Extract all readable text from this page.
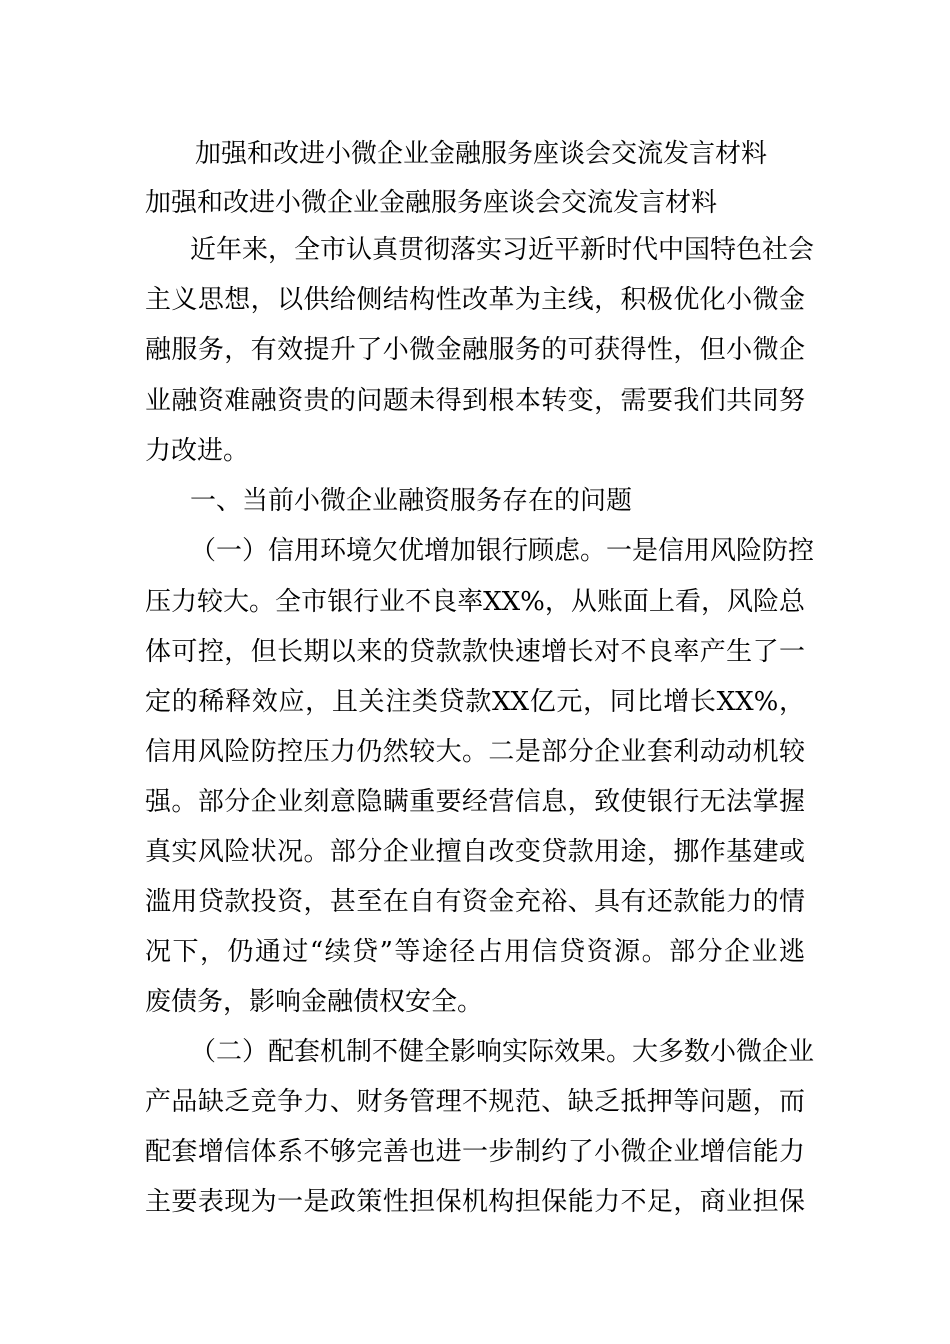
加强和改进小微企业金融服务座谈会交流发言材料
加强和改进小微企业金融服务座谈会交流发言材料
近年来，全市认真贯彻落实习近平新时代中国特色社会
主义思想，以供给侧结构性改革为主线，积极优化小微金
融服务，有效提升了小微金融服务的可获得性，但小微企
业融资难融资贵的问题未得到根本转变，需要我们共同努
力改进。
一、当前小微企业融资服务存在的问题
（一）信用环境欠优增加银行顾虑。一是信用风险防控
压力较大。全市银行业不良率XX%，从账面上看，风险总
体可控，但长期以来的贷款款快速增长对不良率产生了一
定的稀释效应，且关注类贷款XX亿元，同比增长XX%，
信用风险防控压力仍然较大。二是部分企业套利动动机较
强。部分企业刻意隐瞒重要经营信息，致使银行无法掌握
真实风险状况。部分企业擅自改变贷款用途，挪作基建或
滥用贷款投资，甚至在自有资金充裕、具有还款能力的情
况下，仍通过“续贷”等途径占用信贷资源。部分企业逃
废债务，影响金融债权安全。
（二）配套机制不健全影响实际效果。大多数小微企业
产品缺乏竞争力、财务管理不规范、缺乏抵押等问题，而
配套增信体系不够完善也进一步制约了小微企业增信能力
主要表现为一是政策性担保机构担保能力不足，商业担保
